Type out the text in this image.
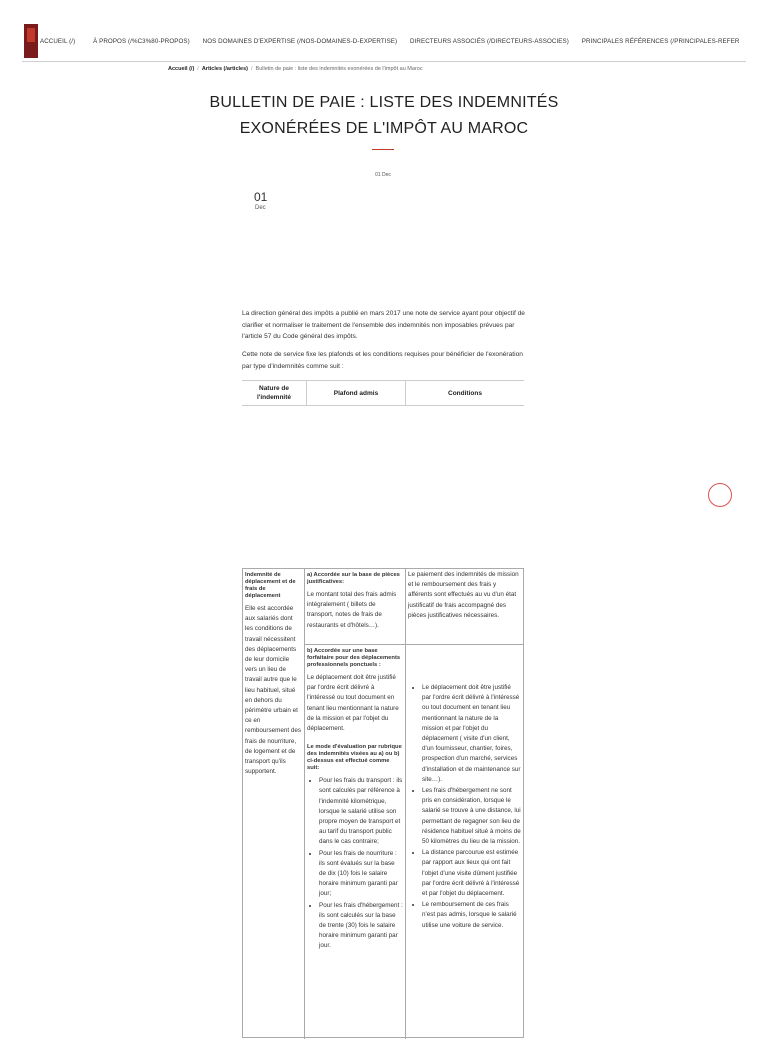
ACCUEIL (/)	À PROPOS (/%C3%80-PROPOS) NOS DOMAINES D'EXPERTISE (/NOS-DOMAINES-D-EXPERTISE) DIRECTEURS ASSOCIÉS (/DIRECTEURS-ASSOCIES) PRINCIPALES RÉFÉRENCES (/PRINCIPALES-REFER
Accueil (/) / Articles (/articles) / Bulletin de paie : liste des indemnités exonérées de l'impôt au Maroc
BULLETIN DE PAIE : LISTE DES INDEMNITÉS
EXONÉRÉES DE L'IMPÔT AU MAROC
01 Dec
01
Dec

La direction général des impôts a publié en mars 2017 une note de service ayant pour objectif de clarifier et normaliser le traitement de l'ensemble des indemnités non imposables prévues par l'article 57 du Code général des impôts.

Cette note de service fixe les plafonds et les conditions requises pour bénéficier de l'exonération par type d'indemnités comme suit :

Nature de l'indemnité
Plafond admis	Conditions
Indemnité de déplacement et de frais de déplacement

Elle est accordée aux salariés dont les conditions de travail nécessitent des déplacements de leur domicile vers un lieu de travail autre que le lieu habituel, situé en dehors du périmètre urbain et ce en remboursement des frais de nourriture, de logement et de transport qu'ils supportent.

a) Accordée sur la base de pièces justificatives:

Le montant total des frais admis intégralement ( billets de transport, notes de frais de restaurants et d'hôtels…).

b) Accordée sur une base forfaitaire pour des déplacements professionnels ponctuels :

Le déplacement doit être justifié par l'ordre écrit délivré à l'intéressé ou tout document en tenant lieu mentionnant la nature de la mission et par l'objet du déplacement.

Le mode d'évaluation par rubrique des indemnités visées au a) ou b) ci-dessus est effectué comme suit:
• Pour les frais du transport : ils sont calculés par référence à l'indemnité kilométrique, lorsque le salarié utilise son propre moyen de transport et au tarif du transport public dans le cas contraire;
• Pour les frais de nourriture : ils sont évalués sur la base de dix (10) fois le salaire horaire minimum garanti par jour;
• Pour les frais d'hébergement : ils sont calculés sur la base de trente (30) fois le salaire horaire minimum garanti par jour.

Le paiement des indemnités de mission et le remboursement des frais y afférents sont effectués au vu d'un état justificatif de frais accompagné des pièces justificatives nécessaires.

• Le déplacement doit être justifié par l'ordre écrit délivré à l'intéressé ou tout document en tenant lieu mentionnant la nature de la mission et par l'objet du déplacement ( visite d'un client, d'un fournisseur, chantier, foires, prospection d'un marché, services d'installation et de maintenance sur site…).
• Les frais d'hébergement ne sont pris en considération, lorsque le salarié se trouve à une distance, lui permettant de regagner son lieu de résidence habituel situé à moins de 50 kilomètres du lieu de la mission.
• La distance parcourue est estimée par rapport aux lieux qui ont fait l'objet d'une visite dûment justifiée par l'ordre écrit délivré à l'intéressé et par l'objet du déplacement.
• Le remboursement de ces frais n'est pas admis, lorsque le salarié utilise une voiture de service.
